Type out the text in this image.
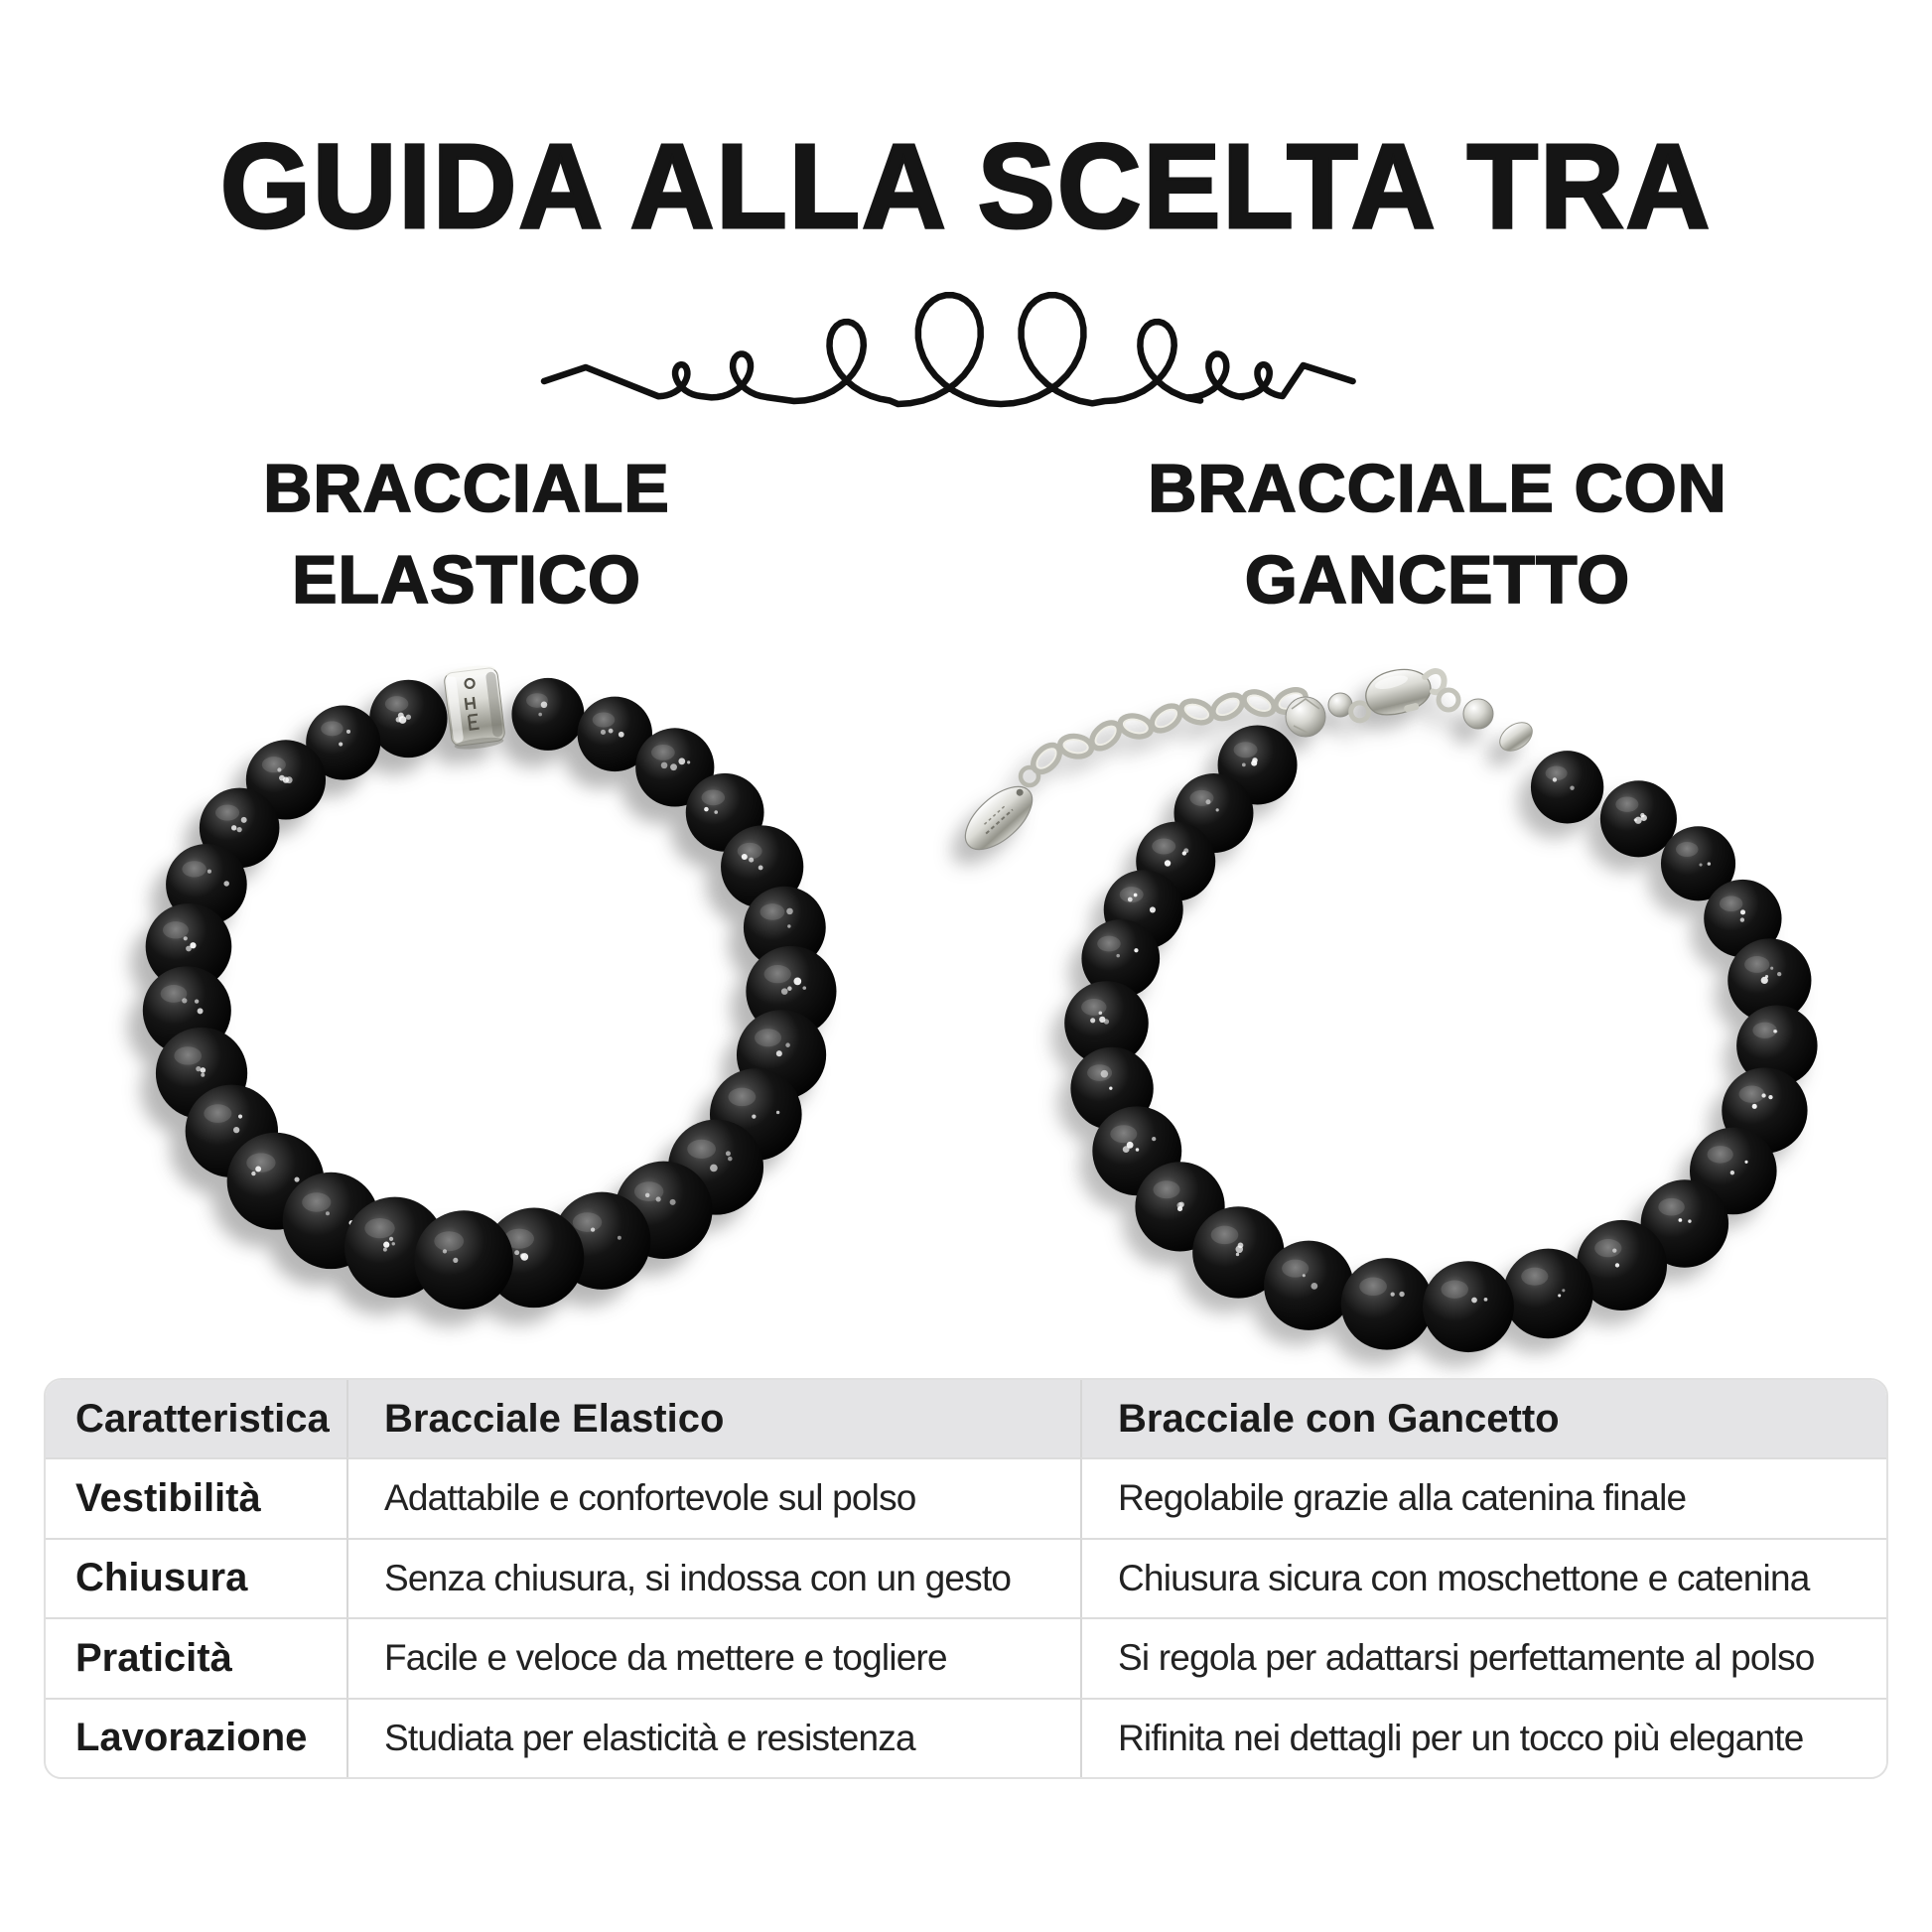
GUIDA ALLA SCELTA TRA
BRACCIALE
ELASTICO
BRACCIALE CON
GANCETTO
Caratteristica	Bracciale Elastico	Bracciale con Gancetto
Vestibilità	Adattabile e confortevole sul polso	Regolabile grazie alla catenina finale
Chiusura	Senza chiusura, si indossa con un gesto	Chiusura sicura con moschettone e catenina
Praticità	Facile e veloce da mettere e togliere	Si regola per adattarsi perfettamente al polso
Lavorazione	Studiata per elasticità e resistenza	Rifinita nei dettagli per un tocco più elegante
